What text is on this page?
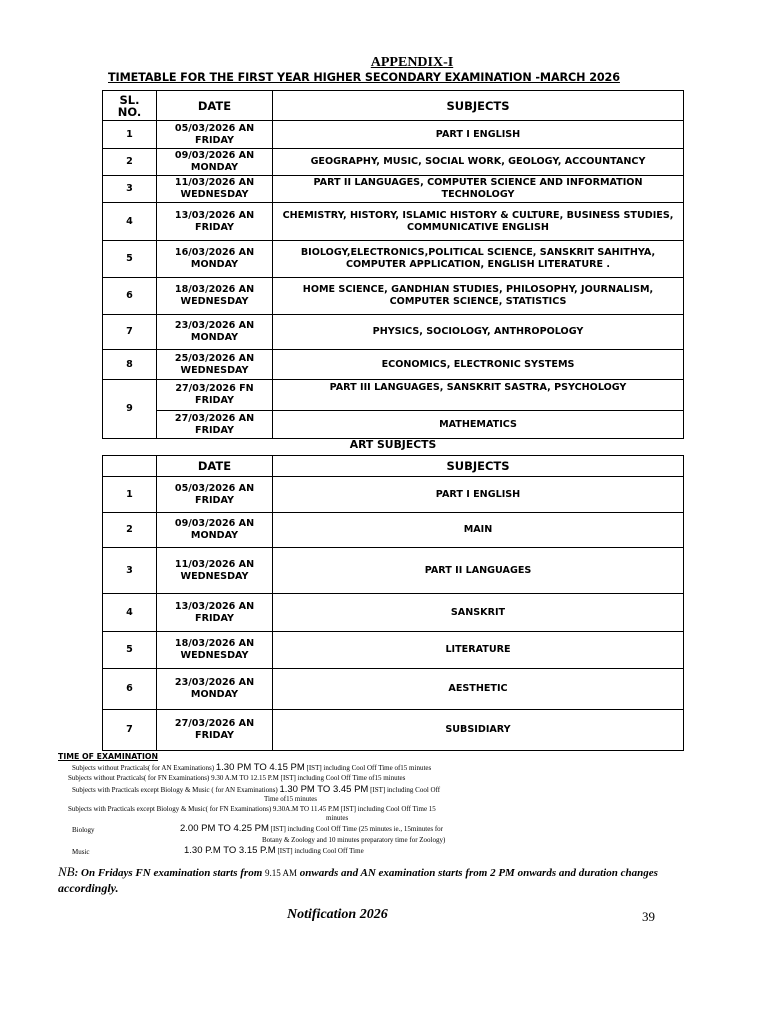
APPENDIX-I
TIMETABLE FOR THE FIRST YEAR HIGHER SECONDARY EXAMINATION -MARCH 2026
SL. NO.	DATE	SUBJECTS
1	05/03/2026 AN FRIDAY	PART I ENGLISH
2	09/03/2026 AN MONDAY	GEOGRAPHY, MUSIC, SOCIAL WORK, GEOLOGY, ACCOUNTANCY
3	11/03/2026 AN WEDNESDAY	PART II LANGUAGES, COMPUTER SCIENCE AND INFORMATION TECHNOLOGY
4	13/03/2026 AN FRIDAY	CHEMISTRY, HISTORY, ISLAMIC HISTORY & CULTURE, BUSINESS STUDIES, COMMUNICATIVE ENGLISH
5	16/03/2026 AN MONDAY	BIOLOGY,ELECTRONICS,POLITICAL SCIENCE, SANSKRIT SAHITHYA, COMPUTER APPLICATION, ENGLISH LITERATURE .
6	18/03/2026 AN WEDNESDAY	HOME SCIENCE, GANDHIAN STUDIES, PHILOSOPHY, JOURNALISM, COMPUTER SCIENCE, STATISTICS
7	23/03/2026 AN MONDAY	PHYSICS, SOCIOLOGY, ANTHROPOLOGY
8	25/03/2026 AN WEDNESDAY	ECONOMICS, ELECTRONIC SYSTEMS
9	27/03/2026 FN FRIDAY	PART III LANGUAGES, SANSKRIT SASTRA, PSYCHOLOGY
	27/03/2026 AN FRIDAY	MATHEMATICS
ART SUBJECTS
	DATE	SUBJECTS
1	05/03/2026 AN FRIDAY	PART I ENGLISH
2	09/03/2026 AN MONDAY	MAIN
3	11/03/2026 AN WEDNESDAY	PART II LANGUAGES
4	13/03/2026 AN FRIDAY	SANSKRIT
5	18/03/2026 AN WEDNESDAY	LITERATURE
6	23/03/2026 AN MONDAY	AESTHETIC
7	27/03/2026 AN FRIDAY	SUBSIDIARY
TIME OF EXAMINATION
Subjects without Practicals( for AN Examinations) 1.30 PM TO 4.15 PM [IST] including Cool Off Time of15 minutes
Subjects without Practicals( for FN Examinations) 9.30 A.M TO 12.15 P.M [IST] including Cool Off Time of15 minutes
Subjects with Practicals except Biology & Music ( for AN Examinations) 1.30 PM TO 3.45 PM [IST] including Cool Off
Time of15 minutes
Subjects with Practicals except Biology & Music( for FN Examinations) 9.30A.M TO 11.45 P.M [IST] including Cool Off Time 15
minutes
Biology	2.00 PM TO 4.25 PM [IST] including Cool Off Time (25 minutes ie., 15minutes for
Botany & Zoology and 10 minutes preparatory time for Zoology)
Music	1.30 P.M TO 3.15 P.M [IST] including Cool Off Time
NB: On Fridays FN examination starts from 9.15 AM onwards and AN examination starts from 2 PM onwards and duration changes accordingly.
Notification 2026	39
